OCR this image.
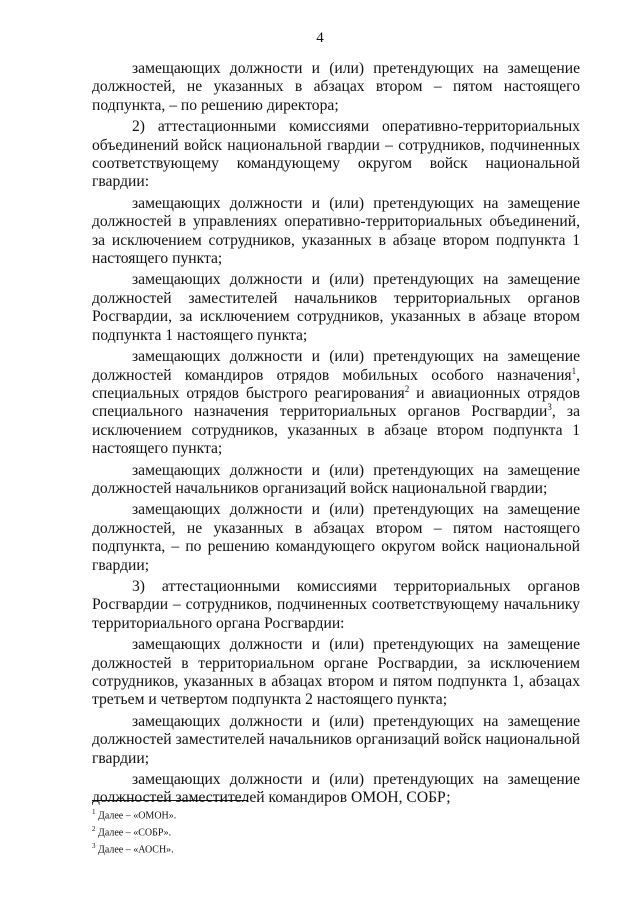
4

замещающих должности и (или) претендующих на замещение должностей, не указанных в абзацах втором – пятом настоящего подпункта, – по решению директора;

2) аттестационными комиссиями оперативно-территориальных объединений войск национальной гвардии – сотрудников, подчиненных соответствующему командующему округом войск национальной гвардии:

замещающих должности и (или) претендующих на замещение должностей в управлениях оперативно-территориальных объединений, за исключением сотрудников, указанных в абзаце втором подпункта 1 настоящего пункта;

замещающих должности и (или) претендующих на замещение должностей заместителей начальников территориальных органов Росгвардии, за исключением сотрудников, указанных в абзаце втором подпункта 1 настоящего пункта;

замещающих должности и (или) претендующих на замещение должностей командиров отрядов мобильных особого назначения$^1$, специальных отрядов быстрого реагирования$^2$ и авиационных отрядов специального назначения территориальных органов Росгвардии$^3$, за исключением сотрудников, указанных в абзаце втором подпункта 1 настоящего пункта;

замещающих должности и (или) претендующих на замещение должностей начальников организаций войск национальной гвардии;

замещающих должности и (или) претендующих на замещение должностей, не указанных в абзацах втором – пятом настоящего подпункта, – по решению командующего округом войск национальной гвардии;

3) аттестационными комиссиями территориальных органов Росгвардии – сотрудников, подчиненных соответствующему начальнику территориального органа Росгвардии:

замещающих должности и (или) претендующих на замещение должностей в территориальном органе Росгвардии, за исключением сотрудников, указанных в абзацах втором и пятом подпункта 1, абзацах третьем и четвертом подпункта 2 настоящего пункта;

замещающих должности и (или) претендующих на замещение должностей заместителей начальников организаций войск национальной гвардии;

замещающих должности и (или) претендующих на замещение должностей заместителей командиров ОМОН, СОБР;

$^1$ Далее – «ОМОН».
$^2$ Далее – «СОБР».
$^3$ Далее – «АОСН».
